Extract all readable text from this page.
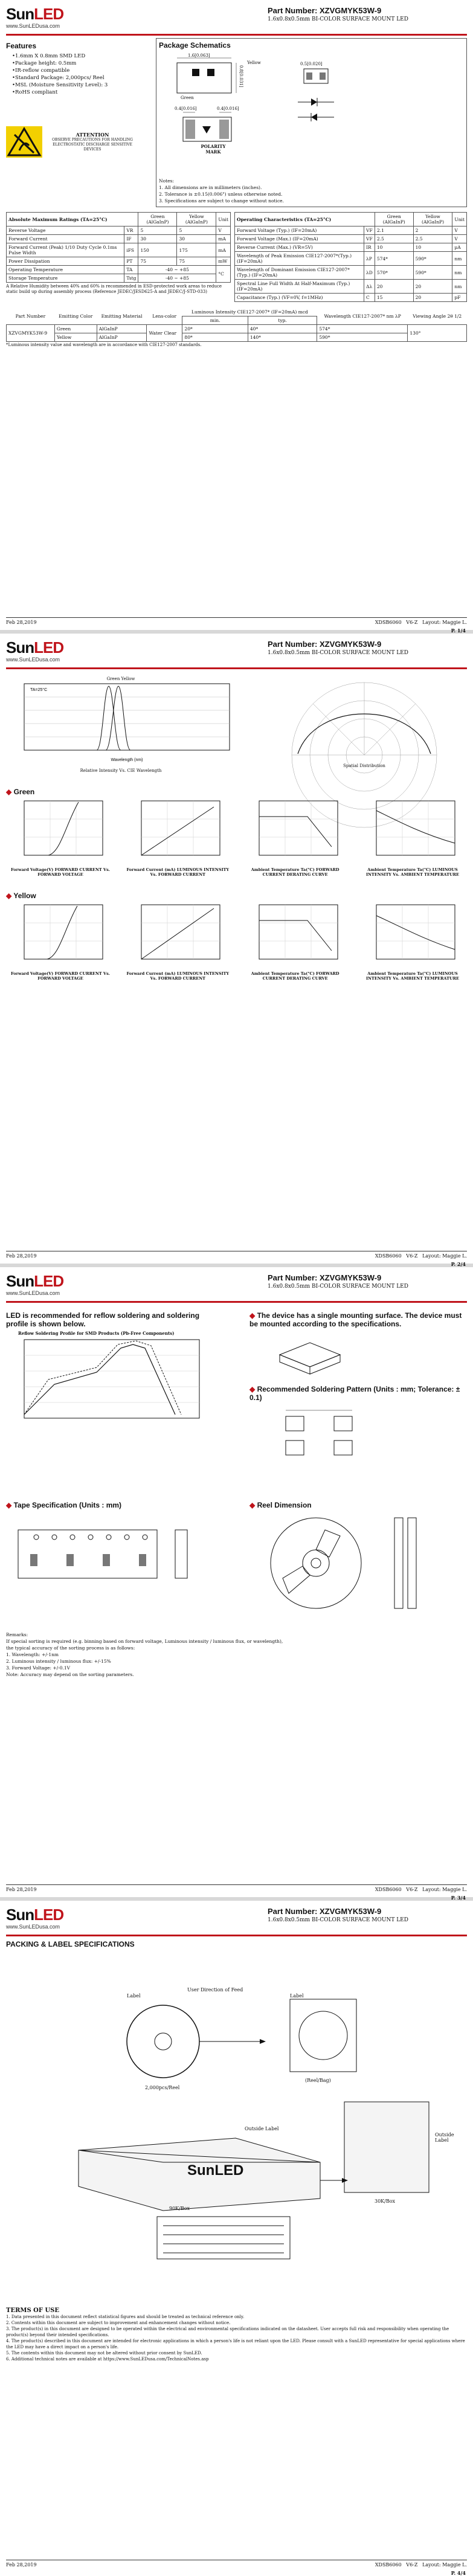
SunLED
www.SunLEDusa.com
Part Number: XZVGMYK53W-9
1.6x0.8x0.5mm BI-COLOR SURFACE MOUNT LED
Features
• 1.6mm X 0.8mm SMD LED
• Package height: 0.5mm
• IR-reflow compatible
• Standard Package: 2,000pcs/ Reel
• MSL (Moisture Sensitivity Level): 3
• RoHS compliant
ATTENTION
OBSERVE PRECAUTIONS FOR HANDLING ELECTROSTATIC DISCHARGE SENSITIVE DEVICES
Package Schematics
Yellow
Green
1.6[0.063]
0.8[0.031]
0.5[0.020]
0.4[0.016]	0.4[0.016]
POLARITY MARK
Notes:
1. All dimensions are in millimeters (inches).
2. Tolerance is ±0.15(0.006") unless otherwise noted.
3. Specifications are subject to change without notice.
Absolute Maximum Ratings (TA=25°C)		Green (AlGaInP)	Yellow (AlGaInP)	Unit
Reverse Voltage	VR	5	5	V
Forward Current	IF	30	30	mA
Forward Current (Peak) 1/10 Duty Cycle 0.1ms Pulse Width	iFS	150	175	mA
Power Dissipation	PT	75	75	mW
Operating Temperature	TA	-40 ~ +85		°C
Storage Temperature	Tstg	-40 ~ +85		
A Relative Humidity between 40% and 60% is recommended in ESD-protected work areas to reduce static build up during assembly process (Reference JEDEC/JESD625-A and JEDEC/J-STD-033)
Operating Characteristics (TA=25°C)		Green (AlGaInP)	Yellow (AlGaInP)	Unit
Forward Voltage (Typ.) (IF=20mA)	VF	2.1	2	V
Forward Voltage (Max.) (IF=20mA)	VF	2.5	2.5	V
Reverse Current (Max.) (VR=5V)	IR	10	10	µA
Wavelength of Peak Emission CIE127-2007*(Typ.) (IF=20mA)	λP	574*	590*	nm
Wavelength of Dominant Emission CIE127-2007*(Typ.) (IF=20mA)	λD	570*	590*	nm
Spectral Line Full Width At Half-Maximum (Typ.) (IF=20mA)	Δλ	20	20	nm
Capacitance (Typ.) (VF=0V, f=1MHz)	C	15	20	pF
Part Number	Emitting Color	Emitting Material	Lens-color	Luminous Intensity CIE127-2007* (IF=20mA) mcd		Wavelength CIE127-2007* nm λP	Viewing Angle 2θ 1/2
				min.	typ.		
XZVGMYK53W-9	Green	AlGaInP	Water Clear	20*	40*	574*	130°
	Yellow	AlGaInP		80*	140*	590*	
*Luminous intensity value and wavelength are in accordance with CIE127-2007 standards.
Feb 28,2019	XDSB6060 V6-Z Layout: Maggie L.
P. 1/4
SunLED
www.SunLEDusa.com
Part Number: XZVGMYK53W-9
1.6x0.8x0.5mm BI-COLOR SURFACE MOUNT LED
Green Yellow
TA=25°C
Wavelength (nm)
Relative Intensity Vs. CIE Wavelength
Spatial Distribution
◆ Green
Forward Voltage(V) FORWARD CURRENT Vs. FORWARD VOLTAGE
Forward Current (mA) LUMINOUS INTENSITY Vs. FORWARD CURRENT
Ambient Temperature Ta(°C) FORWARD CURRENT DERATING CURVE
Ambient Temperature Ta(°C) LUMINOUS INTENSITY Vs. AMBIENT TEMPERATURE
◆ Yellow
Forward Voltage(V) FORWARD CURRENT Vs. FORWARD VOLTAGE
Forward Current (mA) LUMINOUS INTENSITY Vs. FORWARD CURRENT
Ambient Temperature Ta(°C) FORWARD CURRENT DERATING CURVE
Ambient Temperature Ta(°C) LUMINOUS INTENSITY Vs. AMBIENT TEMPERATURE
Feb 28,2019	XDSB6060 V6-Z Layout: Maggie L.
P. 2/4
SunLED
www.SunLEDusa.com
Part Number: XZVGMYK53W-9
1.6x0.8x0.5mm BI-COLOR SURFACE MOUNT LED
LED is recommended for reflow soldering and soldering profile is shown below.
Reflow Soldering Profile for SMD Products (Pb-Free Components)
◆ The device has a single mounting surface. The device must be mounted according to the specifications.
◆ Recommended Soldering Pattern (Units : mm; Tolerance: ± 0.1)
◆ Tape Specification (Units : mm)	◆ Reel Dimension
Remarks:
If special sorting is required (e.g. binning based on forward voltage, Luminous intensity / luminous flux, or wavelength),
the typical accuracy of the sorting process is as follows:
1. Wavelength: +/-1nm
2. Luminous intensity / luminous flux: +/-15%
3. Forward Voltage: +/-0.1V
Note: Accuracy may depend on the sorting parameters.
Feb 28,2019	XDSB6060 V6-Z Layout: Maggie L.
P. 3/4
SunLED
www.SunLEDusa.com
Part Number: XZVGMYK53W-9
1.6x0.8x0.5mm BI-COLOR SURFACE MOUNT LED
PACKING & LABEL SPECIFICATIONS
Label
User Direction of Feed
Label
2,000pcs/Reel
(Reel/Bag)
Outside Label
Outside Label
90K/Box
30K/Box
SunLED
TERMS OF USE
1. Data presented in this document reflect statistical figures and should be treated as technical reference only.
2. Contents within this document are subject to improvement and enhancement changes without notice.
3. The product(s) in this document are designed to be operated within the electrical and environmental specifications indicated on the datasheet. User accepts full risk and responsibility when operating the product(s) beyond their intended specifications.
4. The product(s) described in this document are intended for electronic applications in which a person's life is not reliant upon the LED. Please consult with a SunLED representative for special applications where the LED may have a direct impact on a person's life.
5. The contents within this document may not be altered without prior consent by SunLED.
6. Additional technical notes are available at https://www.SunLEDusa.com/TechnicalNotes.asp
Feb 28,2019	XDSB6060 V6-Z Layout: Maggie L.
P. 4/4
